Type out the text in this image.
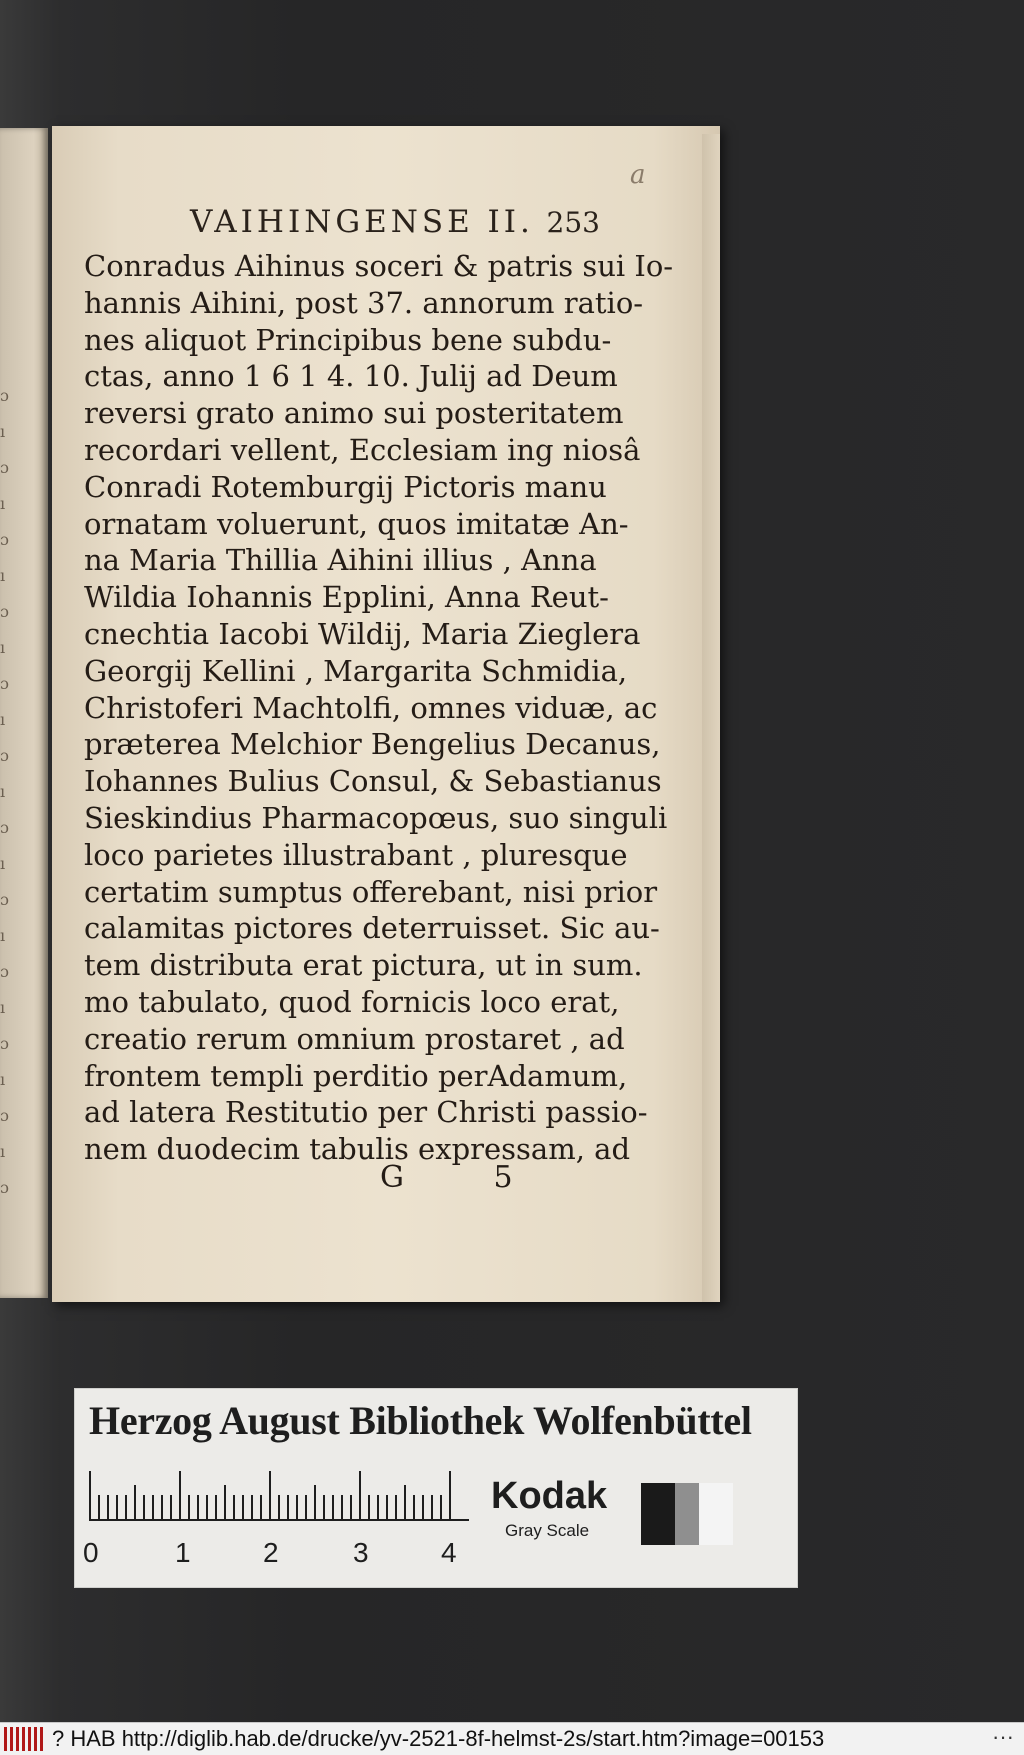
ɔ
ı
ɔ
ı
ɔ
ı
ɔ
ı
ɔ
ı
ɔ
ı
ɔ
ı
ɔ
ı
ɔ
ı
ɔ
ı
ɔ
ı
ɔ
a
VAIHINGENSE II. 253
Conradus Aihinus soceri & patris sui Io-
hannis Aihini, post 37. annorum ratio-
nes aliquot Principibus bene subdu-
ctas, anno 1 6 1 4. 10. Julij ad Deum
reversi grato animo sui posteritatem
recordari vellent, Ecclesiam ing niosâ
Conradi Rotemburgij Pictoris manu
ornatam voluerunt, quos imitatæ An-
na Maria Thillia Aihini illius , Anna
Wildia Iohannis Epplini, Anna Reut-
cnechtia Iacobi Wildij, Maria Zieglera
Georgij Kellini , Margarita Schmidia,
Christoferi Machtolfi, omnes viduæ, ac
præterea Melchior Bengelius Decanus,
Iohannes Bulius Consul, & Sebastianus
Sieskindius Pharmacopœus, suo singuli
loco parietes illustrabant , pluresque
certatim sumptus offerebant, nisi prior
calamitas pictores deterruisset. Sic au-
tem distributa erat pictura, ut in sum.
mo tabulato, quod fornicis loco erat,
creatio rerum omnium prostaret , ad
frontem templi perditio perAdamum,
ad latera Restitutio per Christi passio-
nem duodecim tabulis expressam, ad
G 5
Herzog August Bibliothek Wolfenbüttel
0	1	2	3	4
Kodak
Gray Scale
? HAB http://diglib.hab.de/drucke/yv-2521-8f-helmst-2s/start.htm?image=00153	···
